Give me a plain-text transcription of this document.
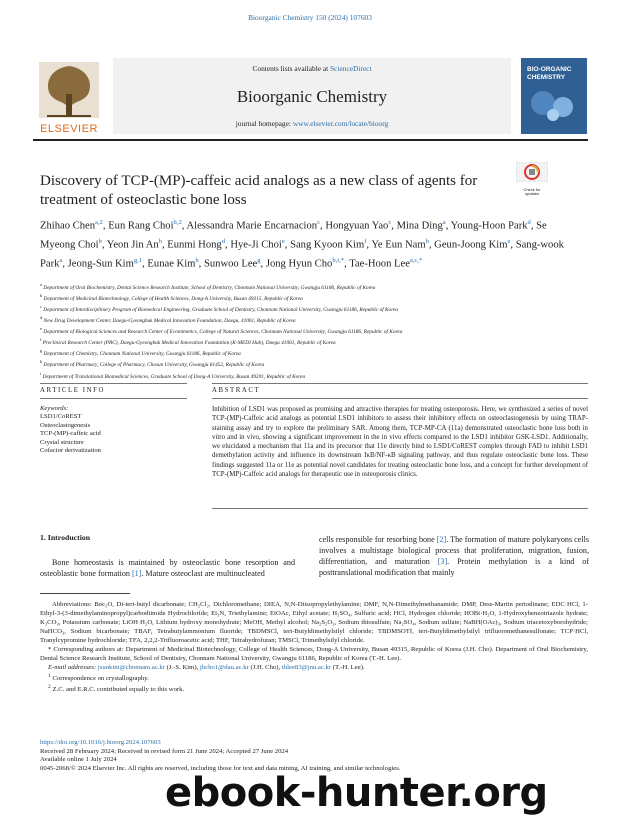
Bioorganic Chemistry 150 (2024) 107603
ELSEVIER
Contents lists available at ScienceDirect
Bioorganic Chemistry
journal homepage: www.elsevier.com/locate/bioorg
BIO-ORGANIC
CHEMISTRY
Discovery of TCP-(MP)-caffeic acid analogs as a new class of agents for treatment of osteoclastic bone loss
Check for
updates
Zhihao Chen$^{a,2}$, Eun Rang Choi$^{b,2}$, Alessandra Marie Encarnacion$^c$, Hongyuan Yao$^c$, Mina Ding$^a$, Young-Hoon Park$^d$, Se Myeong Choi$^b$, Yeon Jin An$^b$, Eunmi Hong$^d$, Hye-Ji Choi$^e$, Sang Kyoon Kim$^f$, Ye Eun Nam$^b$, Geun-Joong Kim$^e$, Sang-wook Park$^a$, Jeong-Sun Kim$^{g,1}$, Eunae Kim$^h$, Sunwoo Lee$^g$, Jong Hyun Cho$^{b,i,*}$, Tae-Hoon Lee$^{a,c,*}$
$^a$ Department of Oral Biochemistry, Dental Science Research Institute, School of Dentistry, Chonnam National University, Gwangju 61186, Republic of Korea
$^b$ Department of Medicinal Biotechnology, College of Health Sciences, Dong-A University, Busan 49315, Republic of Korea
$^c$ Department of Interdisciplinary Program of Biomedical Engineering, Graduate School of Dentistry, Chonnam National University, Gwangju 61186, Republic of Korea
$^d$ New Drug Development Center, Daegu-Gyeongbuk Medical Innovation Foundation, Daegu, 41061, Republic of Korea
$^e$ Department of Biological Sciences and Research Center of Ecomimetics, College of Natural Sciences, Chonnam National University, Gwangju 61186, Republic of Korea
$^f$ Preclinical Research Center (PRC), Daegu-Gyeongbuk Medical Innovation Foundation (K-MEDI Hub), Daegu 41061, Republic of Korea
$^g$ Department of Chemistry, Chonnam National University, Gwangju 61186, Republic of Korea
$^h$ Department of Pharmacy, College of Pharmacy, Chosun University, Gwangju 61452, Republic of Korea
$^i$ Department of Translational Biomedical Sciences, Graduate School of Dong-A University, Busan 49201, Republic of Korea
ARTICLE INFO	ABSTRACT
Keywords:
LSD1/CoREST
Osteoclastogenesis
TCP-(MP)-caffeic acid
Crystal structure
Cofactor derivatization
Inhibition of LSD1 was proposed as promising and attractive therapies for treating osteoporosis. Here, we synthesized a series of novel TCP-(MP)-Caffeic acid analogs as potential LSD1 inhibitors to assess their inhibitory effects on osteoclastogenesis by using TRAP-staining assay and try to explore the preliminary SAR. Among them, TCP-MP-CA (11a) demonstrated osteoclastic bone loss both in vitro and in vivo, showing a significant improvement in the in vivo effects compared to the LSD1 inhibitor GSK-LSD1. Additionally, we elucidated a mechanism that 11a and its precursor that 11e directly bind to LSD1/CoREST complex through FAD to inhibit LSD1 demethylation activity and influence its downstream IκB/NF-κB signaling pathway, and thus regulate osteoclastic bone loss. These findings suggested 11a or 11e as potential novel candidates for treating osteoclastic bone loss, and a concept for further development of TCP-(MP)-Caffeic acid analogs for therapeutic use in osteoporosis clinics.
1. Introduction
Bone homeostasis is maintained by osteoclastic bone resorption and osteoblastic bone formation [1]. Mature osteoclast are multinucleated
cells responsible for resorbing bone [2]. The formation of mature polykaryons cells involves a multistage biological process that proliferation, migration, fusion, differentiation, and maturation [3]. Protein methylation is a kind of posttranslational modification that mainly
Abbreviations: Boc₂O, Di-tert-butyl dicarbonate; CH₂Cl₂, Dichloromethane; DIEA, N,N-Diisopropylethylamine; DMF, N,N-Dimethylmethanamide; DMP, Dess-Martin periodinane; EDC·HCl, 1-Ethyl-3-(3-dimethylaminopropyl)carbodiimide Hydrochloride; Et₃N, Triethylamine; EtOAc, Ethyl acetate; H₂SO₄, Sulfuric acid; HCl, Hydrogen chloride; HOBt·H₂O, 1-Hydroxybenzotriazole hydrate; K₂CO₃, Potassium carbonate; LiOH·H₂O, Lithium hydroxy monohydrate; MeOH, Methyl alcohol; Na₂S₂O₃, Sodium thiosulfate; Na₂SO₄, Sodium sulfate; NaBH(OAc)₃, Sodium triacetoxyborohydride; NaHCO₃, Sodium bicarbonate; TBAF, Tetrabutylammonium fluoride; TBDMSCl, tert-Butyldimethylsilyl chloride; TBDMSOTf, tert-Butyldimethylsilyl trifluoromethanesulfonate; TCP·HCl, Tranylcypromine hydrochloride; TFA, 2,2,2-Trifluoroacetic acid; THF, Tetrahydrofuran; TMSCl, Trimethylsilyl chloride.
* Corresponding authors at: Department of Medicinal Biotechnology, College of Health Sciences, Dong-A University, Busan 49315, Republic of Korea (J.H. Cho). Department of Oral Biochemistry, Dental Science Research Institute, School of Dentistry, Chonnam National University, Gwangju 61186, Republic of Korea (T.-H. Lee).
E-mail addresses: jsunkim@chonnam.ac.kr (J.-S. Kim), jhcho1@dau.ac.kr (J.H. Cho), thlee83@jnu.ac.kr (T.-H. Lee).
$^1$ Correspondence on crystallography.
$^2$ Z.C. and E.R.C. contributed equally to this work.
https://doi.org/10.1016/j.bioorg.2024.107603
Received 28 February 2024; Received in revised form 21 June 2024; Accepted 27 June 2024
Available online 1 July 2024
0045-2068/© 2024 Elsevier Inc. All rights are reserved, including those for text and data mining, AI training, and similar technologies.
ebook-hunter.org
